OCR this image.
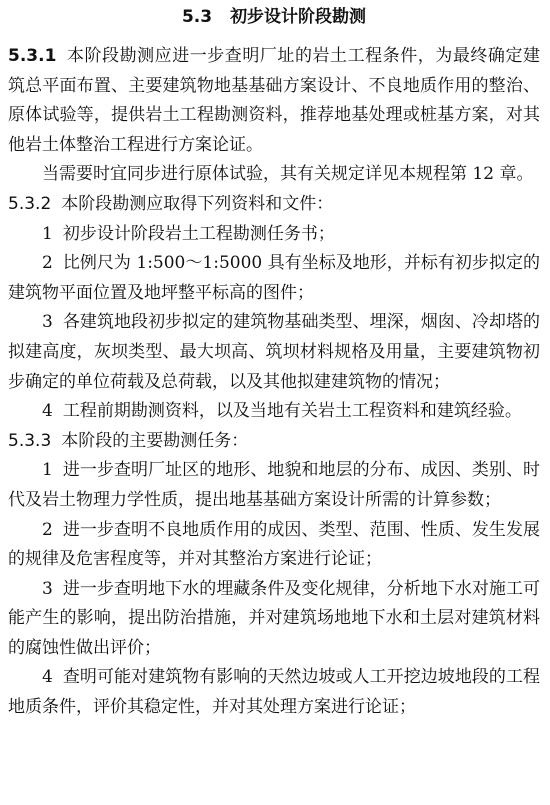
5.3 初步设计阶段勘测

5.3.1 本阶段勘测应进一步查明厂址的岩土工程条件，为最终确定建筑总平面布置、主要建筑物地基基础方案设计、不良地质作用的整治、原体试验等，提供岩土工程勘测资料，推荐地基处理或桩基方案，对其他岩土体整治工程进行方案论证。

当需要时宜同步进行原体试验，其有关规定详见本规程第 12 章。

5.3.2 本阶段勘测应取得下列资料和文件：

1 初步设计阶段岩土工程勘测任务书；

2 比例尺为 1:500～1:5000 具有坐标及地形，并标有初步拟定的建筑物平面位置及地坪整平标高的图件；

3 各建筑地段初步拟定的建筑物基础类型、埋深，烟囱、冷却塔的拟建高度，灰坝类型、最大坝高、筑坝材料规格及用量，主要建筑物初步确定的单位荷载及总荷载，以及其他拟建建筑物的情况；

4 工程前期勘测资料，以及当地有关岩土工程资料和建筑经验。

5.3.3 本阶段的主要勘测任务：

1 进一步查明厂址区的地形、地貌和地层的分布、成因、类别、时代及岩土物理力学性质，提出地基基础方案设计所需的计算参数；

2 进一步查明不良地质作用的成因、类型、范围、性质、发生发展的规律及危害程度等，并对其整治方案进行论证；

3 进一步查明地下水的埋藏条件及变化规律，分析地下水对施工可能产生的影响，提出防治措施，并对建筑场地地下水和土层对建筑材料的腐蚀性做出评价；

4 查明可能对建筑物有影响的天然边坡或人工开挖边坡地段的工程地质条件，评价其稳定性，并对其处理方案进行论证；
